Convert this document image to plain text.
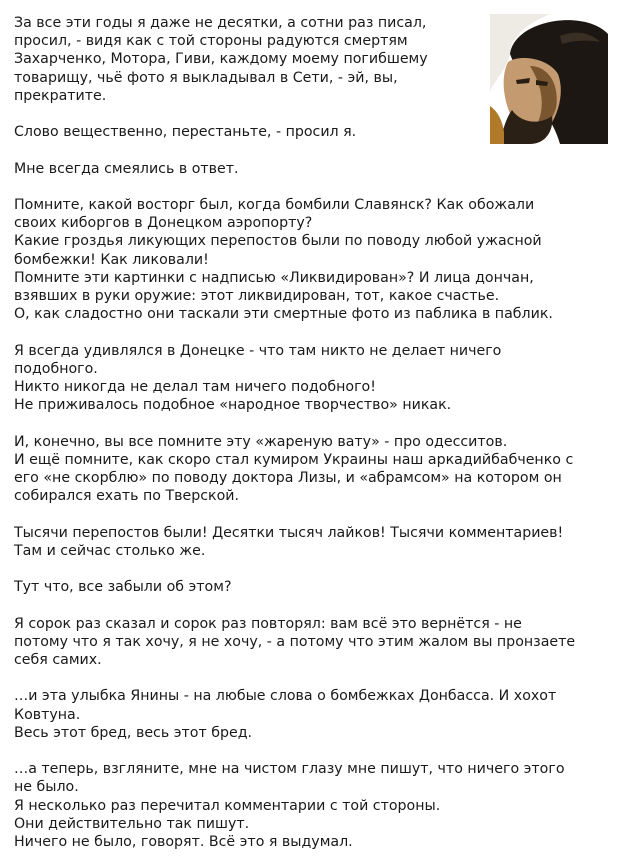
За все эти годы я даже не десятки, а сотни раз писал,
просил, - видя как с той стороны радуются смертям
Захарченко, Мотора, Гиви, каждому моему погибшему
товарищу, чьё фото я выкладывал в Сети, - эй, вы,
прекратите.
Слово вещественно, перестаньте, - просил я.
Мне всегда смеялись в ответ.
Помните, какой восторг был, когда бомбили Славянск? Как обожали
своих киборгов в Донецком аэропорту?
Какие гроздья ликующих перепостов были по поводу любой ужасной
бомбежки! Как ликовали!
Помните эти картинки с надписью «Ликвидирован»? И лица дончан,
взявших в руки оружие: этот ликвидирован, тот, какое счастье.
О, как сладостно они таскали эти смертные фото из паблика в паблик.
Я всегда удивлялся в Донецке - что там никто не делает ничего
подобного.
Никто никогда не делал там ничего подобного!
Не приживалось подобное «народное творчество» никак.
И, конечно, вы все помните эту «жареную вату» - про одесситов.
И ещё помните, как скоро стал кумиром Украины наш аркадийбабченко с
его «не скорблю» по поводу доктора Лизы, и «абрамсом» на котором он
собирался ехать по Тверской.
Тысячи перепостов были! Десятки тысяч лайков! Тысячи комментариев!
Там и сейчас столько же.
Тут что, все забыли об этом?
Я сорок раз сказал и сорок раз повторял: вам всё это вернётся - не
потому что я так хочу, я не хочу, - а потому что этим жалом вы пронзаете
себя самих.
…и эта улыбка Янины - на любые слова о бомбежках Донбасса. И хохот
Ковтуна.
Весь этот бред, весь этот бред.
…а теперь, взгляните, мне на чистом глазу мне пишут, что ничего этого
не было.
Я несколько раз перечитал комментарии с той стороны.
Они действительно так пишут.
Ничего не было, говорят. Всё это я выдумал.
